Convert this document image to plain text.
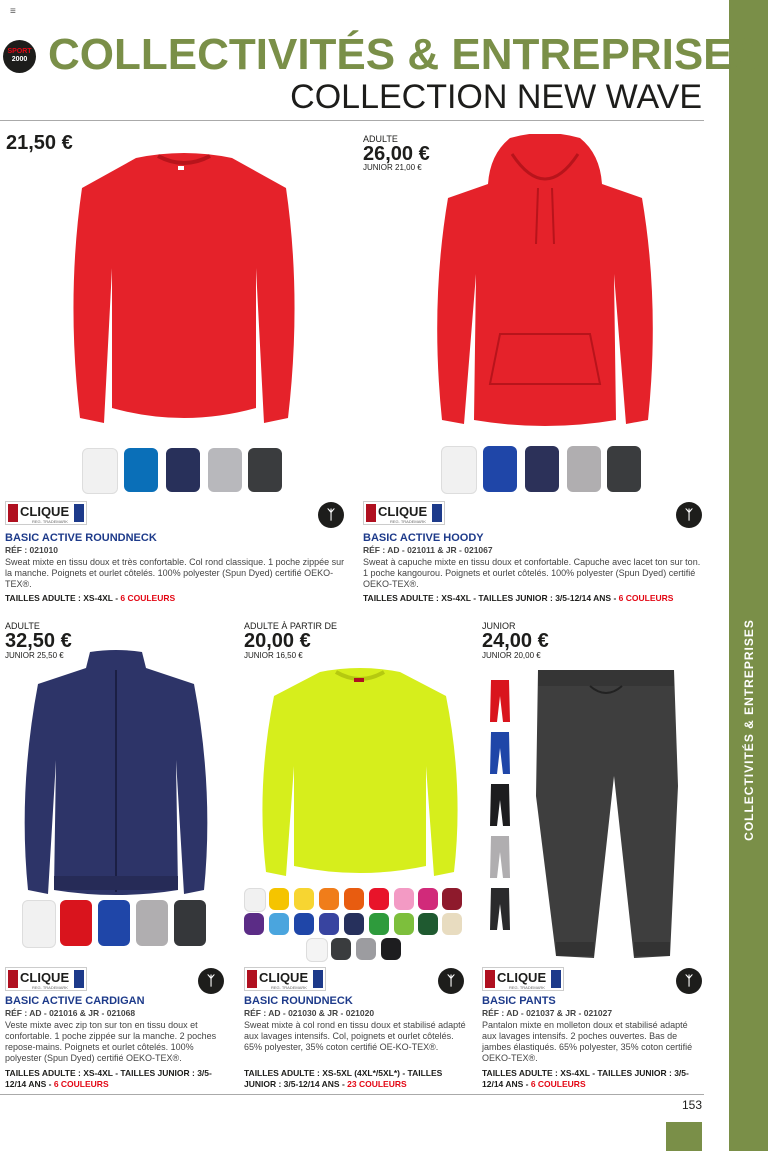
COLLECTIVITÉS & ENTREPRISES
≡
SPORT
2000 COLLECTIVITÉS & ENTREPRISES
COLLECTION NEW WAVE
21,50 €
CLIQUE
REG. TRADEMARK	ᛉ
BASIC ACTIVE ROUNDNECK
RÉF : 021010
Sweat mixte en tissu doux et très confortable. Col rond classique. 1 poche zippée sur la manche. Poignets et ourlet côtelés. 100% polyester (Spun Dyed) certifié OEKO-TEX®.
TAILLES ADULTE : XS-4XL - 6 COULEURS
ADULTE
26,00 €
JUNIOR 21,00 €
CLIQUE
REG. TRADEMARK	ᛉ
BASIC ACTIVE HOODY
RÉF : AD - 021011 & JR - 021067
Sweat à capuche mixte en tissu doux et confortable. Capuche avec lacet ton sur ton. 1 poche kangourou. Poignets et ourlet côtelés. 100% polyester (Spun Dyed) certifié OEKO-TEX®.
TAILLES ADULTE : XS-4XL - TAILLES JUNIOR : 3/5-12/14 ANS - 6 COULEURS
ADULTE
32,50 €
JUNIOR 25,50 €
CLIQUE
REG. TRADEMARK	ᛉ
BASIC ACTIVE CARDIGAN
RÉF : AD - 021016 & JR - 021068
Veste mixte avec zip ton sur ton en tissu doux et confortable. 1 poche zippée sur la manche. 2 poches repose-mains. Poignets et ourlet côtelés. 100% polyester (Spun Dyed) certifié OEKO-TEX®.
TAILLES ADULTE : XS-4XL - TAILLES JUNIOR : 3/5-12/14 ANS - 6 COULEURS
ADULTE À PARTIR DE
20,00 €
JUNIOR 16,50 €
CLIQUE
REG. TRADEMARK	ᛉ
BASIC ROUNDNECK
RÉF : AD - 021030 & JR - 021020
Sweat mixte à col rond en tissu doux et stabilisé adapté aux lavages intensifs. Col, poignets et ourlet côtelés. 65% polyester, 35% coton certifié OE-KO-TEX®.
TAILLES ADULTE : XS-5XL (4XL*/5XL*) - TAILLES JUNIOR : 3/5-12/14 ANS - 23 COULEURS
JUNIOR
24,00 €
JUNIOR 20,00 €
CLIQUE
REG. TRADEMARK	ᛉ
BASIC PANTS
RÉF : AD - 021037 & JR - 021027
Pantalon mixte en molleton doux et stabilisé adapté aux lavages intensifs. 2 poches ouvertes. Bas de jambes élastiqués. 65% polyester, 35% coton certifié OEKO-TEX®.
TAILLES ADULTE : XS-4XL - TAILLES JUNIOR : 3/5-12/14 ANS - 6 COULEURS
153
